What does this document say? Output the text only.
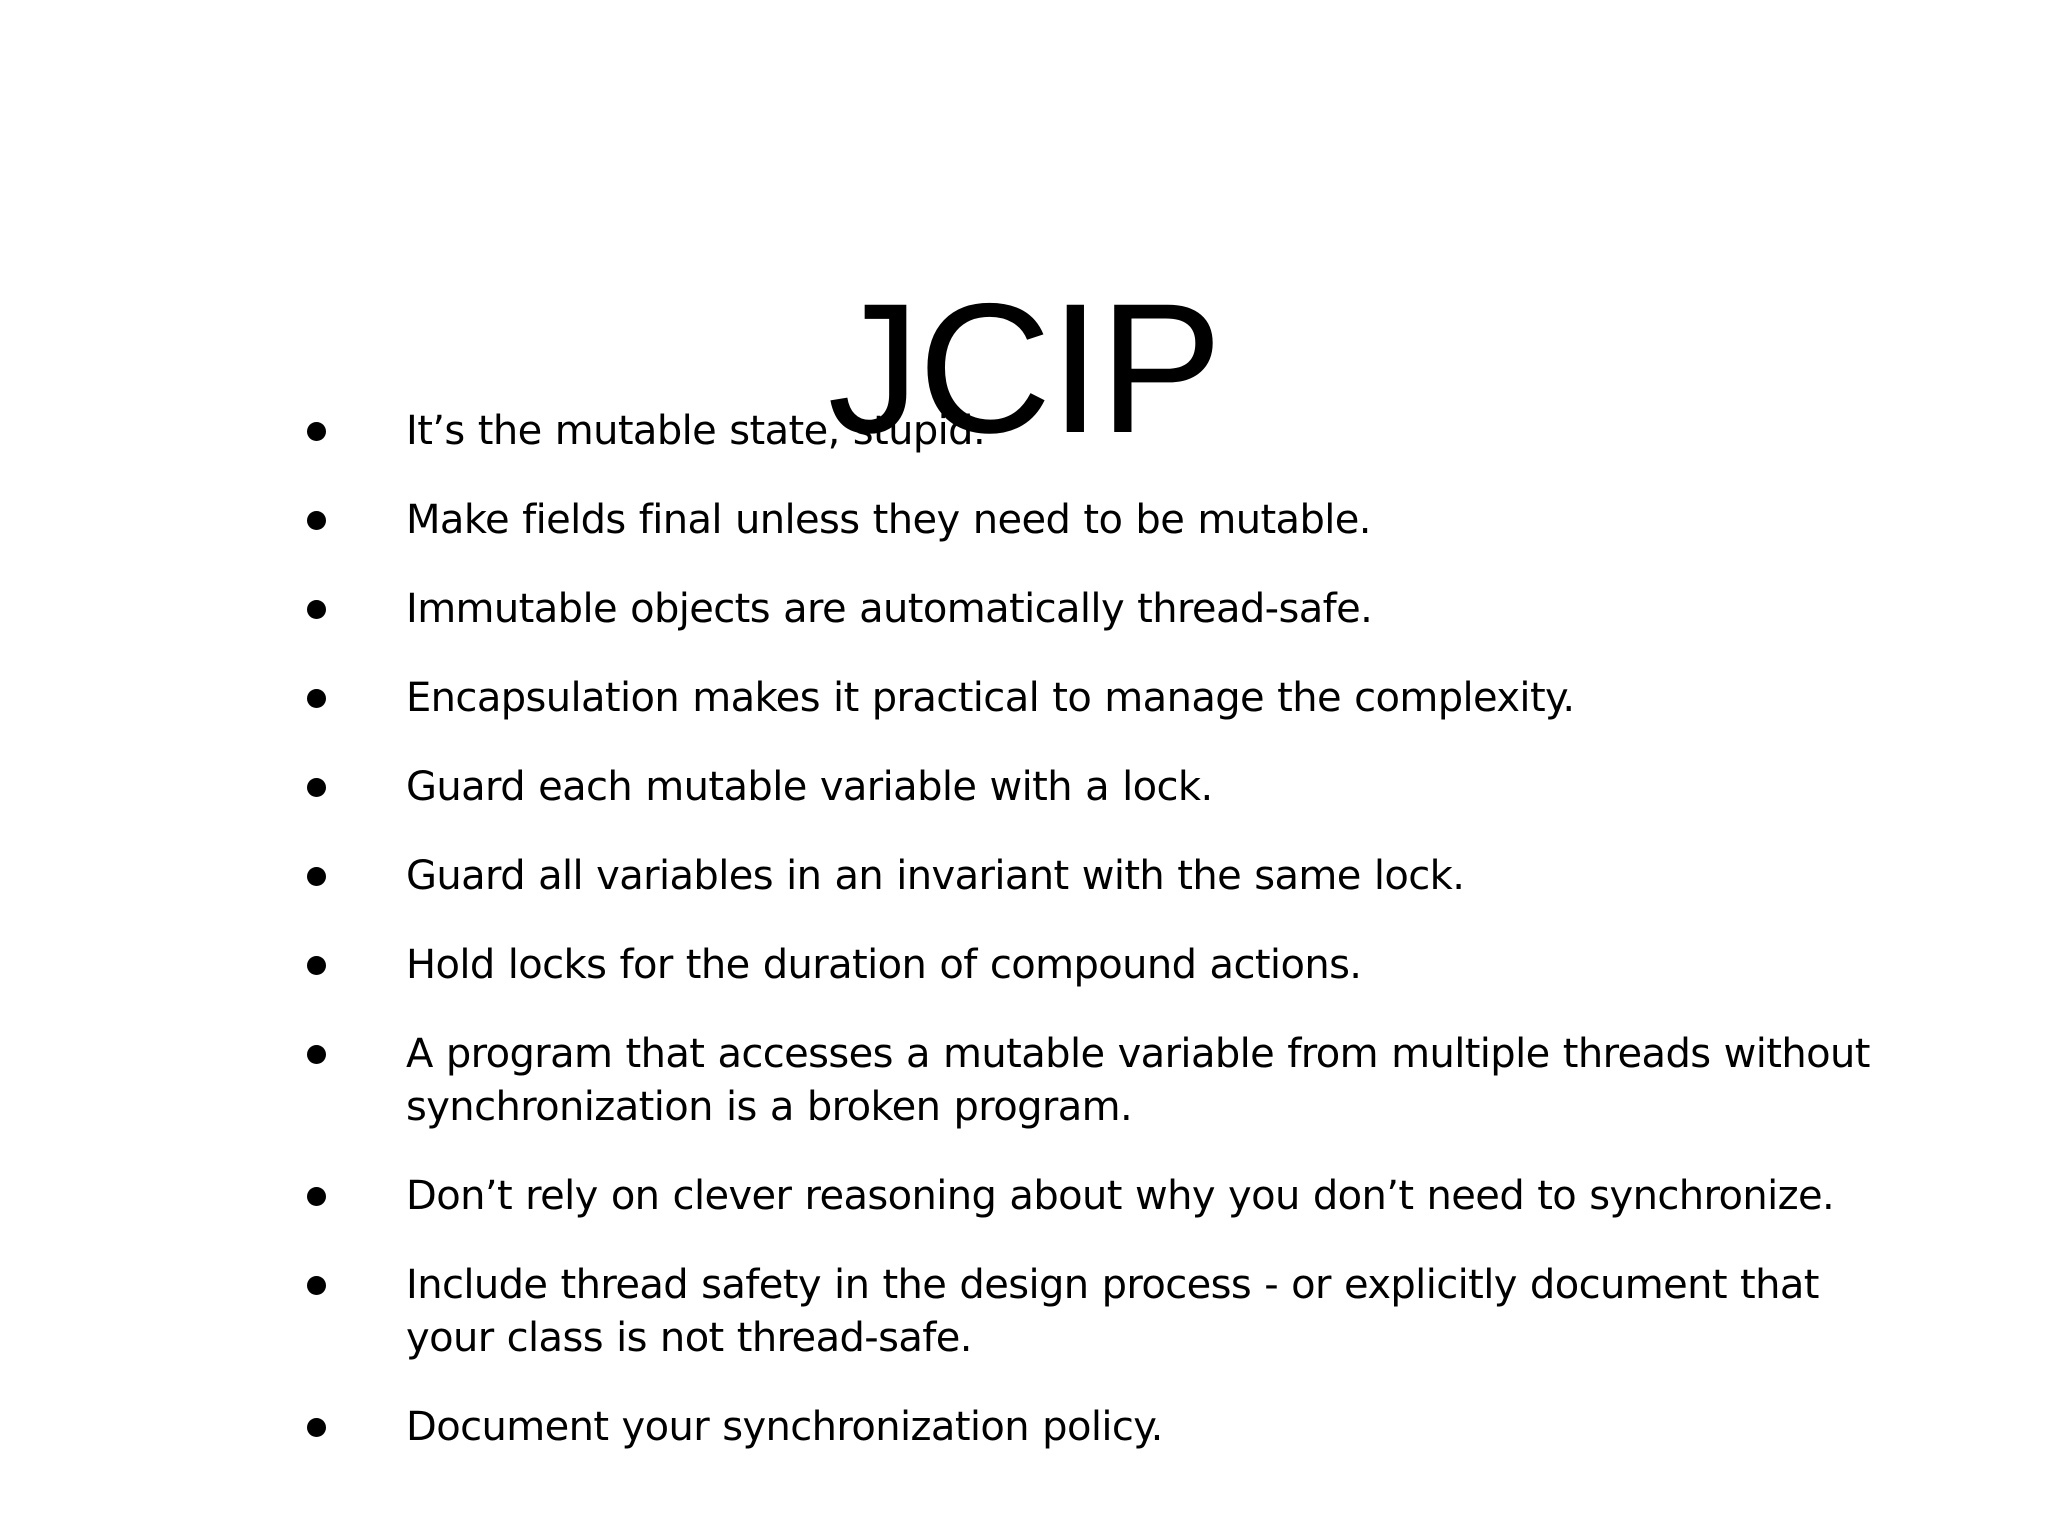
JCIP
It’s the mutable state, stupid.
Make fields final unless they need to be mutable.
Immutable objects are automatically thread-safe.
Encapsulation makes it practical to manage the complexity.
Guard each mutable variable with a lock.
Guard all variables in an invariant with the same lock.
Hold locks for the duration of compound actions.
A program that accesses a mutable variable from multiple threads without synchronization is a broken program.
Don’t rely on clever reasoning about why you don’t need to synchronize.
Include thread safety in the design process - or explicitly document that your class is not thread-safe.
Document your synchronization policy.
